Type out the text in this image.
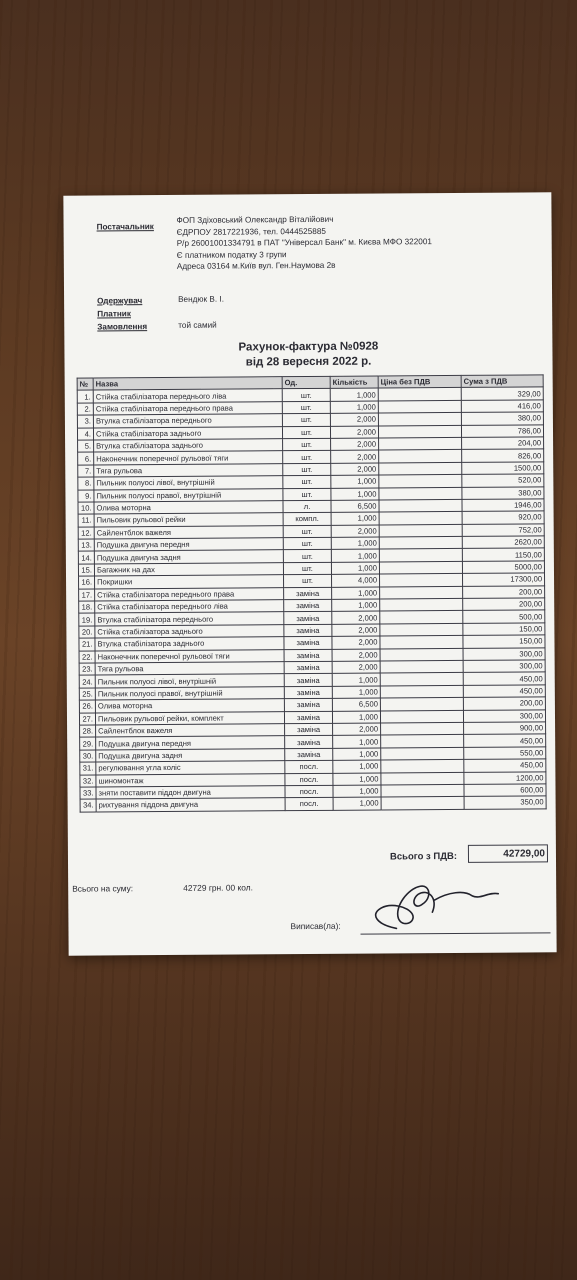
Постачальник
ФОП Здіховський Олександр Віталійович
ЄДРПОУ 2817221936, тел. 0444525885
Р/р 26001001334791 в ПАТ "Універсал Банк" м. Києва МФО 322001
Є платником податку 3 групи
Адреса 03164 м.Київ вул. Ген.Наумова 2в
Одержувач	Вендюк В. І.
Платник
Замовлення	той самий
Рахунок-фактура №0928
від 28 вересня 2022 р.
№	Назва	Од.	Кількість	Ціна без ПДВ	Сума з ПДВ
1.	Стійка стабілізатора переднього ліва	шт.	1,000		329,00
2.	Стійка стабілізатора переднього права	шт.	1,000		416,00
3.	Втулка стабілізатора переднього	шт.	2,000		380,00
4.	Стійка стабілізатора заднього	шт.	2,000		786,00
5.	Втулка стабілізатора заднього	шт.	2,000		204,00
6.	Наконечник поперечної рульової тяги	шт.	2,000		826,00
7.	Тяга рульова	шт.	2,000		1500,00
8.	Пильник полуосі лівої, внутрішній	шт.	1,000		520,00
9.	Пильник полуосі правої, внутрішній	шт.	1,000		380,00
10.	Олива моторна	л.	6,500		1946,00
11.	Пильовик рульової рейки	компл.	1,000		920,00
12.	Сайлентблок важеля	шт.	2,000		752,00
13.	Подушка двигуна передня	шт.	1,000		2620,00
14.	Подушка двигуна задня	шт.	1,000		1150,00
15.	Багажник на дах	шт.	1,000		5000,00
16.	Покришки	шт.	4,000		17300,00
17.	Стійка стабілізатора переднього права	заміна	1,000		200,00
18.	Стійка стабілізатора переднього ліва	заміна	1,000		200,00
19.	Втулка стабілізатора переднього	заміна	2,000		500,00
20.	Стійка стабілізатора заднього	заміна	2,000		150,00
21.	Втулка стабілізатора заднього	заміна	2,000		150,00
22.	Наконечник поперечної рульової тяги	заміна	2,000		300,00
23.	Тяга рульова	заміна	2,000		300,00
24.	Пильник полуосі лівої, внутрішній	заміна	1,000		450,00
25.	Пильник полуосі правої, внутрішній	заміна	1,000		450,00
26.	Олива моторна	заміна	6,500		200,00
27.	Пильовик рульової рейки, комплект	заміна	1,000		300,00
28.	Сайлентблок важеля	заміна	2,000		900,00
29.	Подушка двигуна передня	заміна	1,000		450,00
30.	Подушка двигуна задня	заміна	1,000		550,00
31.	регулювання угла коліс	посл.	1,000		450,00
32.	шиномонтаж	посл.	1,000		1200,00
33.	зняти поставити піддон двигуна	посл.	1,000		600,00
34.	рихтування піддона двигуна	посл.	1,000		350,00
Всього з ПДВ:	42729,00
Всього на суму:	42729 грн. 00 кол.
Виписав(ла):
